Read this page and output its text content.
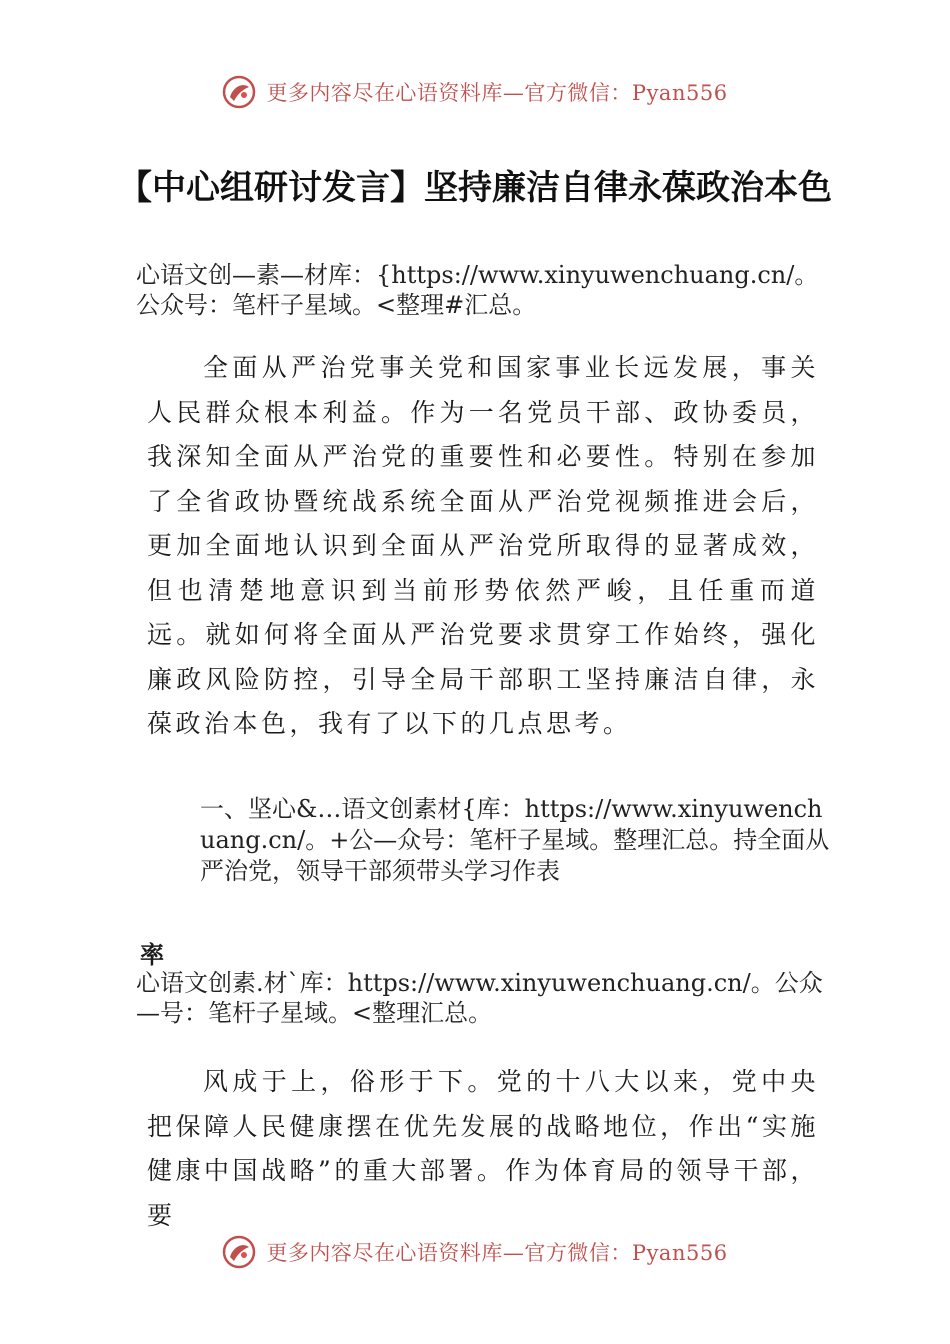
更多内容尽在心语资料库—官方微信：Pyan556
【中心组研讨发言】坚持廉洁自律永葆政治本色
心语文创—素—材库：{https://www.xinyuwenchuang.cn/。公众号：笔杆子星域。<整理#汇总。
全面从严治党事关党和国家事业长远发展，事关人民群众根本利益。作为一名党员干部、政协委员，我深知全面从严治党的重要性和必要性。特别在参加了全省政协暨统战系统全面从严治党视频推进会后，更加全面地认识到全面从严治党所取得的显著成效，但也清楚地意识到当前形势依然严峻，且任重而道远。就如何将全面从严治党要求贯穿工作始终，强化廉政风险防控，引导全局干部职工坚持廉洁自律，永葆政治本色，我有了以下的几点思考。
一、坚心&…语文创素材{库：https://www.xinyuwenchuang.cn/。+公—众号：笔杆子星域。整理汇总。持全面从严治党，领导干部须带头学习作表
率
心语文创素.材`库：https://www.xinyuwenchuang.cn/。公众—号：笔杆子星域。<整理汇总。
风成于上，俗形于下。党的十八大以来，党中央把保障人民健康摆在优先发展的战略地位，作出“实施健康中国战略”的重大部署。作为体育局的领导干部，要
更多内容尽在心语资料库—官方微信：Pyan556
